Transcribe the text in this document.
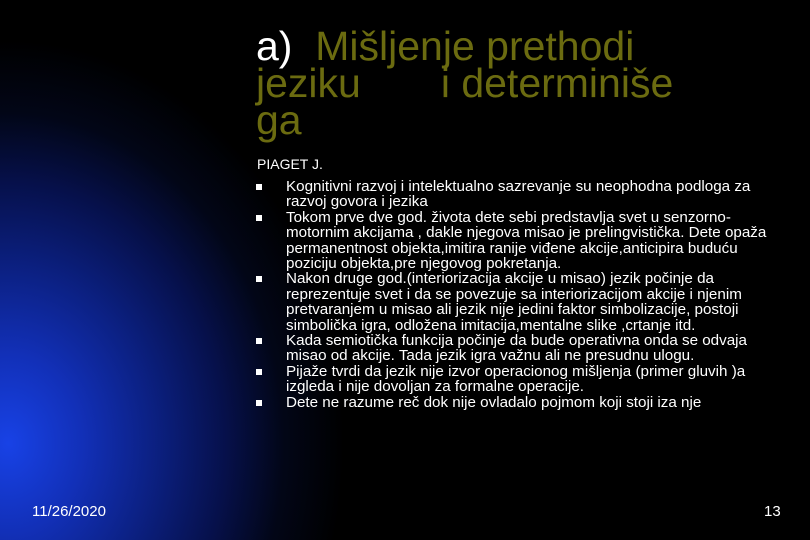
a) Mišljenje prethodi
jeziku i determiniše
ga
PIAGET J.
Kognitivni razvoj i intelektualno sazrevanje su neophodna podloga za razvoj govora i jezika
Tokom prve dve god. života dete sebi predstavlja svet u senzorno-motornim akcijama , dakle njegova misao je prelingvistička. Dete opaža permanentnost objekta,imitira ranije viđene akcije,anticipira buduću poziciju objekta,pre njegovog pokretanja.
Nakon druge god.(interiorizacija akcije u misao) jezik počinje da reprezentuje svet i da se povezuje sa interiorizacijom akcije i njenim pretvaranjem u misao ali jezik nije jedini faktor simbolizacije, postoji simbolička igra, odložena imitacija,mentalne slike ,crtanje itd.
Kada semiotička funkcija počinje da bude operativna onda se odvaja misao od akcije. Tada jezik igra važnu ali ne presudnu ulogu.
Pijaže tvrdi da jezik nije izvor operacionog mišljenja (primer gluvih )a izgleda i nije dovoljan za formalne operacije.
Dete ne razume reč dok nije ovladalo pojmom koji stoji iza nje
11/26/2020	13
